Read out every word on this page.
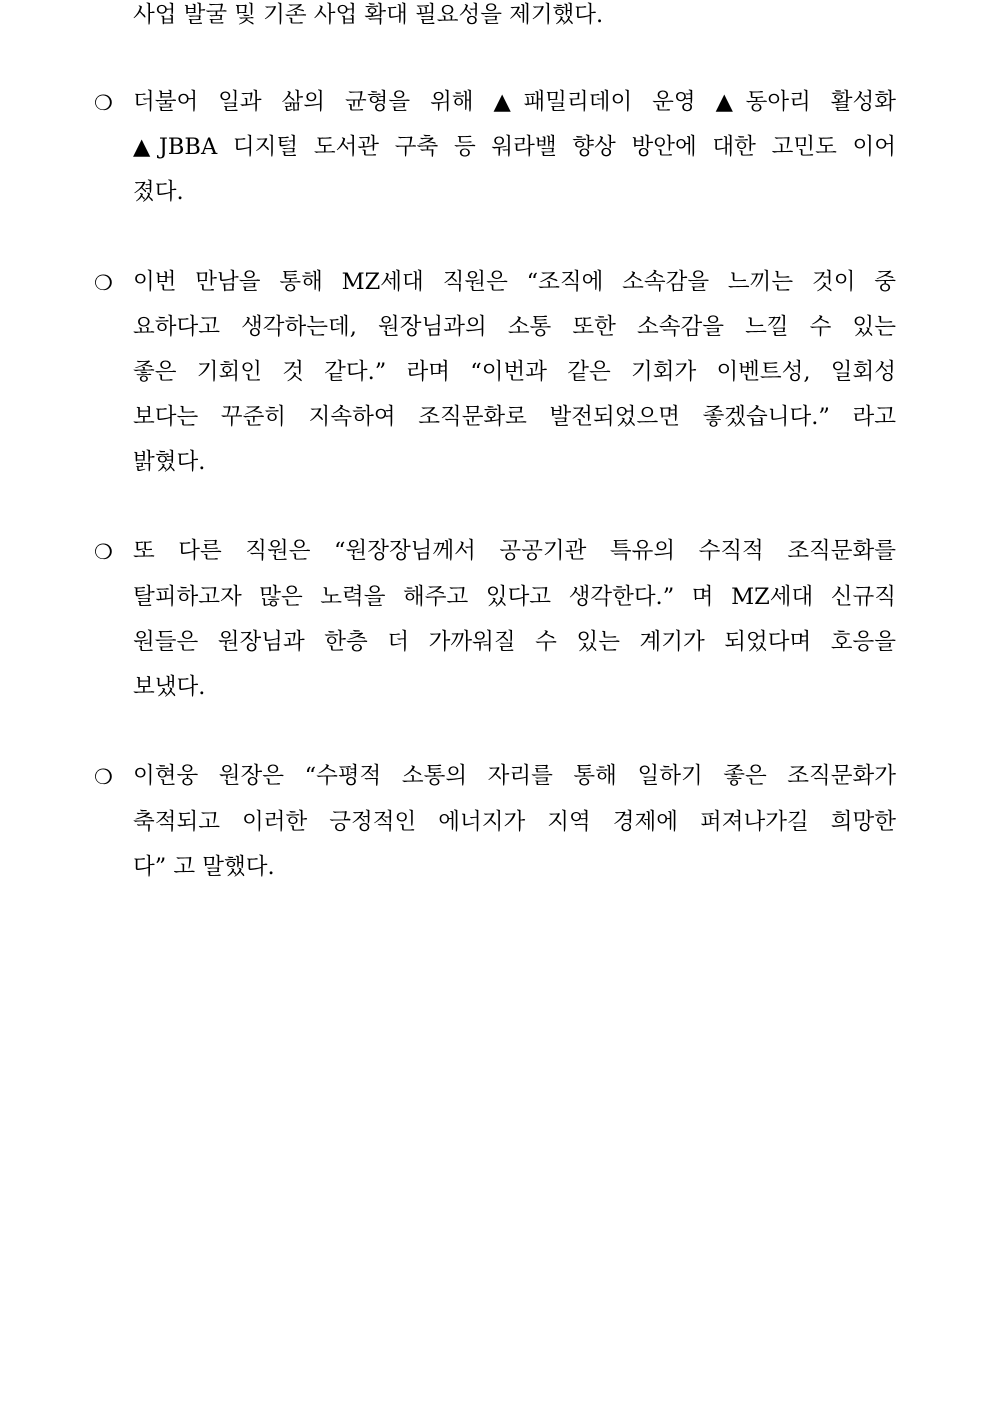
사업 발굴 및 기존 사업 확대 필요성을 제기했다.
❍ 더불어 일과 삶의 균형을 위해 ▲패밀리데이 운영 ▲동아리 활성화
▲JBBA 디지털 도서관 구축 등 워라밸 향상 방안에 대한 고민도 이어
졌다.
❍ 이번 만남을 통해 MZ세대 직원은 “조직에 소속감을 느끼는 것이 중
요하다고 생각하는데, 원장님과의 소통 또한 소속감을 느낄 수 있는
좋은 기회인 것 같다.” 라며 “이번과 같은 기회가 이벤트성, 일회성
보다는 꾸준히 지속하여 조직문화로 발전되었으면 좋겠습니다.” 라고
밝혔다.
❍ 또 다른 직원은 “원장장님께서 공공기관 특유의 수직적 조직문화를
탈피하고자 많은 노력을 해주고 있다고 생각한다.” 며 MZ세대 신규직
원들은 원장님과 한층 더 가까워질 수 있는 계기가 되었다며 호응을
보냈다.
❍ 이현웅 원장은 “수평적 소통의 자리를 통해 일하기 좋은 조직문화가
축적되고 이러한 긍정적인 에너지가 지역 경제에 퍼져나가길 희망한
다” 고 말했다.
